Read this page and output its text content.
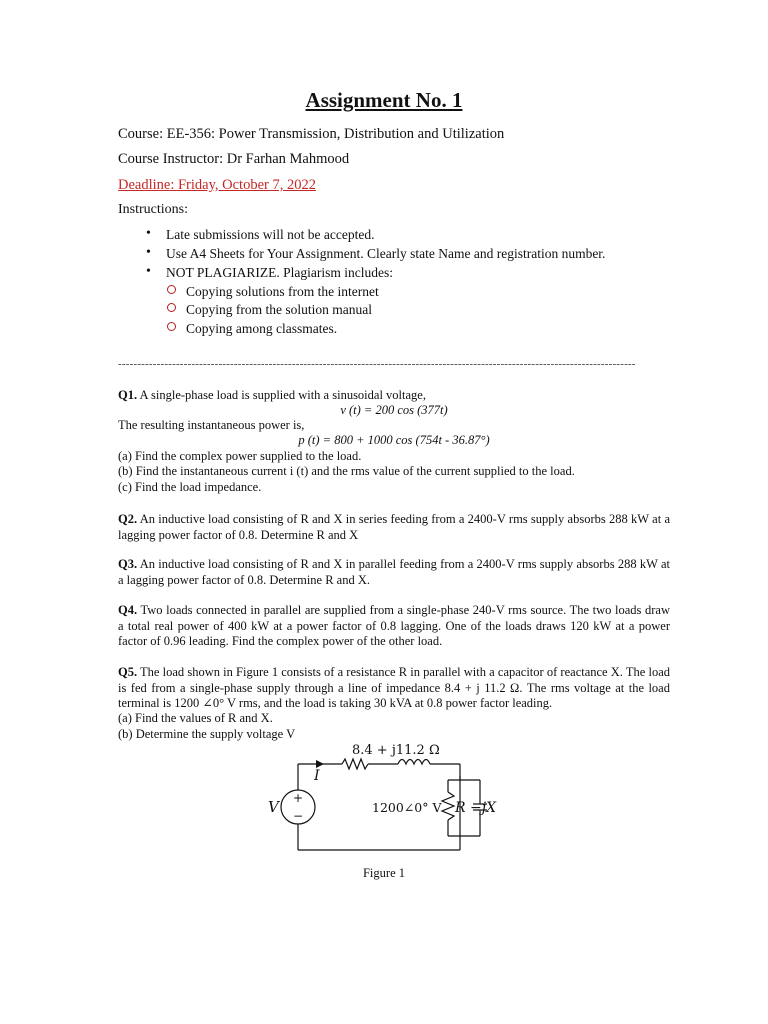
Assignment No. 1
Course: EE-356: Power Transmission, Distribution and Utilization
Course Instructor: Dr Farhan Mahmood
Deadline: Friday, October 7, 2022
Instructions:
• Late submissions will not be accepted.
• Use A4 Sheets for Your Assignment. Clearly state Name and registration number.
• NOT PLAGIARIZE. Plagiarism includes:
Copying solutions from the internet
Copying from the solution manual
Copying among classmates.
--------------------------------------------------------------------------------------------------------------------------------------
Q1. A single-phase load is supplied with a sinusoidal voltage,
v (t) = 200 cos (377t)
The resulting instantaneous power is,
p (t) = 800 + 1000 cos (754t - 36.87°)
(a) Find the complex power supplied to the load.
(b) Find the instantaneous current i (t) and the rms value of the current supplied to the load.
(c) Find the load impedance.
Q2. An inductive load consisting of R and X in series feeding from a 2400-V rms supply absorbs 288 kW at a lagging power factor of 0.8. Determine R and X
Q3. An inductive load consisting of R and X in parallel feeding from a 2400-V rms supply absorbs 288 kW at a lagging power factor of 0.8. Determine R and X.
Q4. Two loads connected in parallel are supplied from a single-phase 240-V rms source. The two loads draw a total real power of 400 kW at a power factor of 0.8 lagging. One of the loads draws 120 kW at a power factor of 0.96 leading. Find the complex power of the other load.
Q5. The load shown in Figure 1 consists of a resistance R in parallel with a capacitor of reactance X. The load is fed from a single-phase supply through a line of impedance 8.4 + j 11.2 Ω. The rms voltage at the load terminal is 1200 ∠0° V rms, and the load is taking 30 kVA at 0.8 power factor leading.
(a) Find the values of R and X.
(b) Determine the supply voltage V
8.4 + j11.2 Ω
I
V +
−
1200∠0° V R −jX
Figure 1
